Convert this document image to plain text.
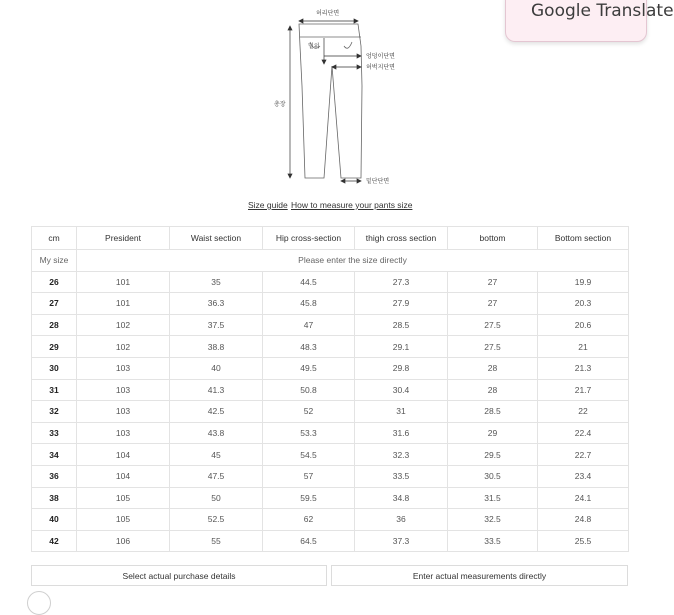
Google Translate
허리단면
밑위
엉덩이단면
허벅지단면
총장
밑단단면
Size guide How to measure your pants size
cm	President	Waist section	Hip cross-section	thigh cross section	bottom	Bottom section
My size	Please enter the size directly					
26	101	35	44.5	27.3	27	19.9
27	101	36.3	45.8	27.9	27	20.3
28	102	37.5	47	28.5	27.5	20.6
29	102	38.8	48.3	29.1	27.5	21
30	103	40	49.5	29.8	28	21.3
31	103	41.3	50.8	30.4	28	21.7
32	103	42.5	52	31	28.5	22
33	103	43.8	53.3	31.6	29	22.4
34	104	45	54.5	32.3	29.5	22.7
36	104	47.5	57	33.5	30.5	23.4
38	105	50	59.5	34.8	31.5	24.1
40	105	52.5	62	36	32.5	24.8
42	106	55	64.5	37.3	33.5	25.5
Select actual purchase details	Enter actual measurements directly
